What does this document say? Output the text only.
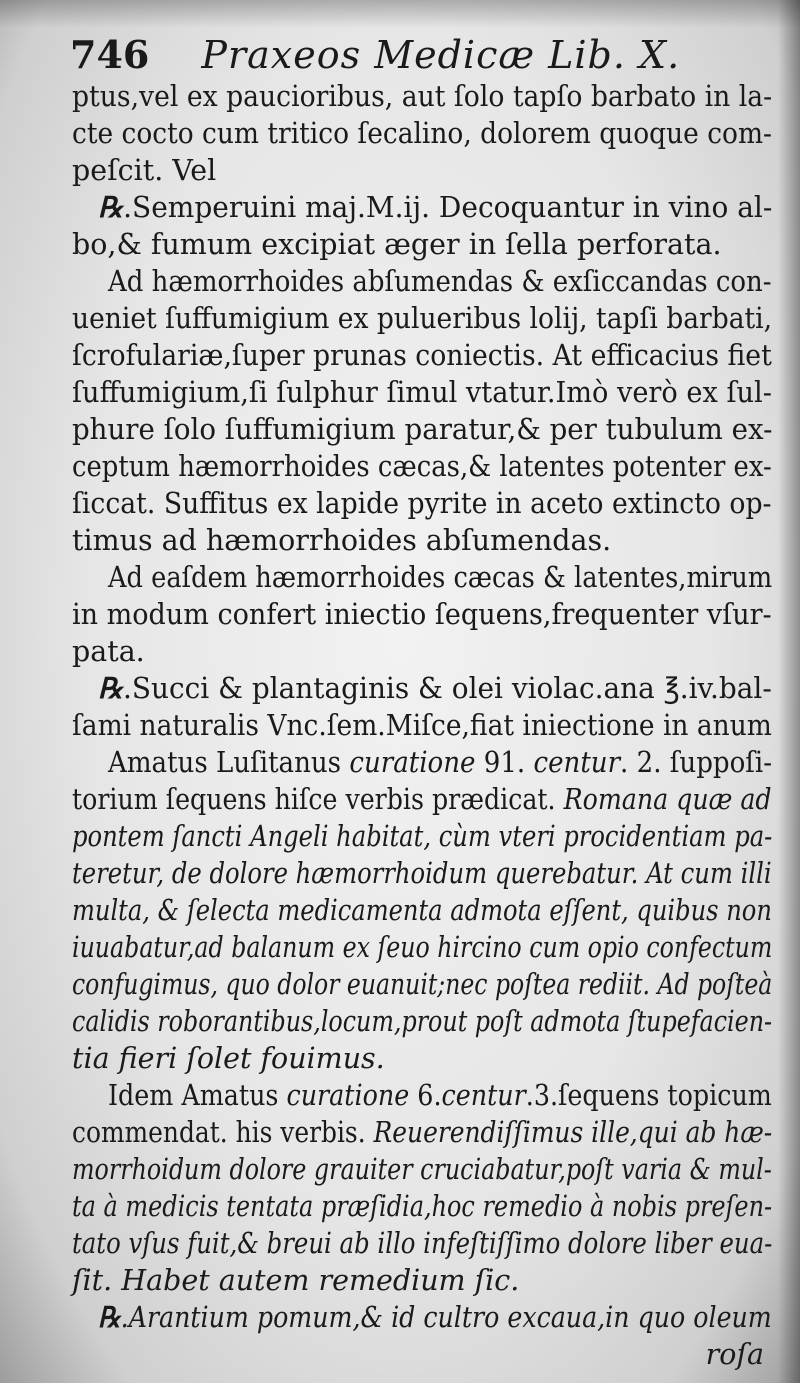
746 Praxeos Medicæ Lib. X.
ptus,vel ex paucioribus, aut ſolo tapſo barbato in la-
cte cocto cum tritico ſecalino, dolorem quoque com-
peſcit. Vel
℞.Semperuini maj.M.ij. Decoquantur in vino al-
bo,& fumum excipiat æger in ſella perforata.
Ad hæmorrhoides abſumendas & exſiccandas con-
ueniet ſuffumigium ex pulueribus lolij, tapſi barbati,
ſcrofulariæ,ſuper prunas coniectis. At efficacius fiet
ſuffumigium,ſi ſulphur ſimul vtatur.Imò verò ex ſul-
phure ſolo ſuffumigium paratur,& per tubulum ex-
ceptum hæmorrhoides cæcas,& latentes potenter ex-
ſiccat. Suffitus ex lapide pyrite in aceto extincto op-
timus ad hæmorrhoides abſumendas.
Ad eaſdem hæmorrhoides cæcas & latentes,mirum
in modum confert iniectio ſequens,frequenter vſur-
pata.
℞.Succi & plantaginis & olei violac.ana ℥.iv.bal-
ſami naturalis Vnc.ſem.Miſce,fiat iniectione in anum
Amatus Luſitanus curatione 91. centur. 2. ſuppoſi-
torium ſequens hiſce verbis prædicat. Romana quæ ad
pontem ſancti Angeli habitat, cùm vteri procidentiam pa-
teretur, de dolore hæmorrhoidum querebatur. At cum illi
multa, & ſelecta medicamenta admota eſſent, quibus non
iuuabatur,ad balanum ex ſeuo hircino cum opio confectum
confugimus, quo dolor euanuit;nec poſtea rediit. Ad poſteà
calidis roborantibus,locum,prout poſt admota ſtupefacien-
tia fieri ſolet fouimus.
Idem Amatus curatione 6.centur.3.ſequens topicum
commendat. his verbis. Reuerendiſſimus ille,qui ab hæ-
morrhoidum dolore grauiter cruciabatur,poſt varia & mul-
ta à medicis tentata præſidia,hoc remedio à nobis preſen-
tato vſus fuit,& breui ab illo infeſtiſſimo dolore liber eua-
ſit. Habet autem remedium ſic.
℞.Arantium pomum,& id cultro excaua,in quo oleum
roſa
